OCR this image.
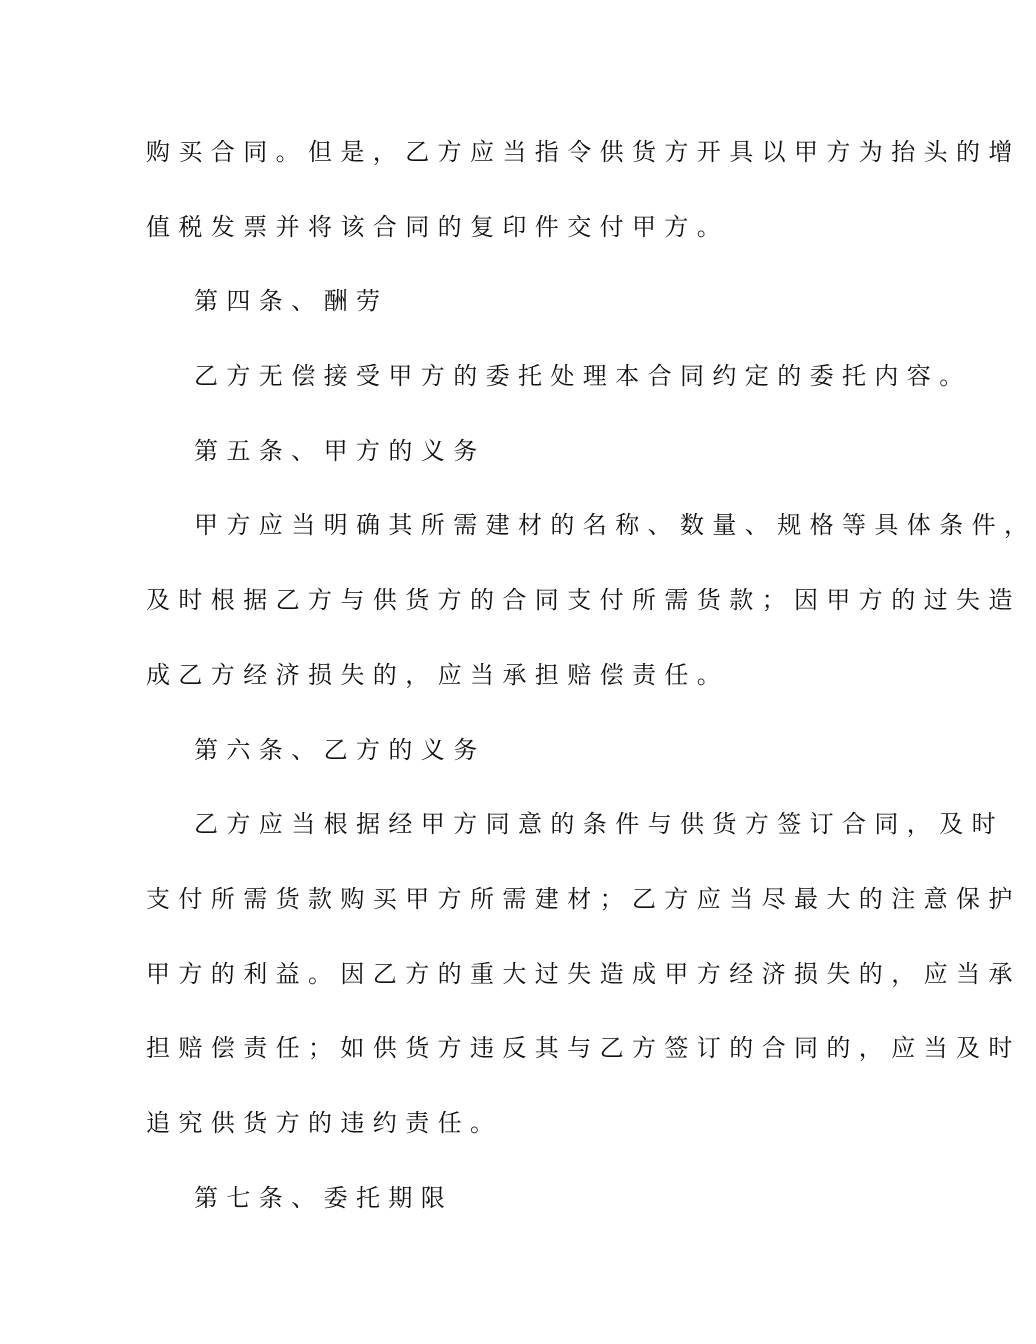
购买合同。但是，乙方应当指令供货方开具以甲方为抬头的增
值税发票并将该合同的复印件交付甲方。
第四条、酬劳
乙方无偿接受甲方的委托处理本合同约定的委托内容。
第五条、甲方的义务
甲方应当明确其所需建材的名称、数量、规格等具体条件，
及时根据乙方与供货方的合同支付所需货款；因甲方的过失造
成乙方经济损失的，应当承担赔偿责任。
第六条、乙方的义务
乙方应当根据经甲方同意的条件与供货方签订合同，及时
支付所需货款购买甲方所需建材；乙方应当尽最大的注意保护
甲方的利益。因乙方的重大过失造成甲方经济损失的，应当承
担赔偿责任；如供货方违反其与乙方签订的合同的，应当及时
追究供货方的违约责任。
第七条、委托期限
